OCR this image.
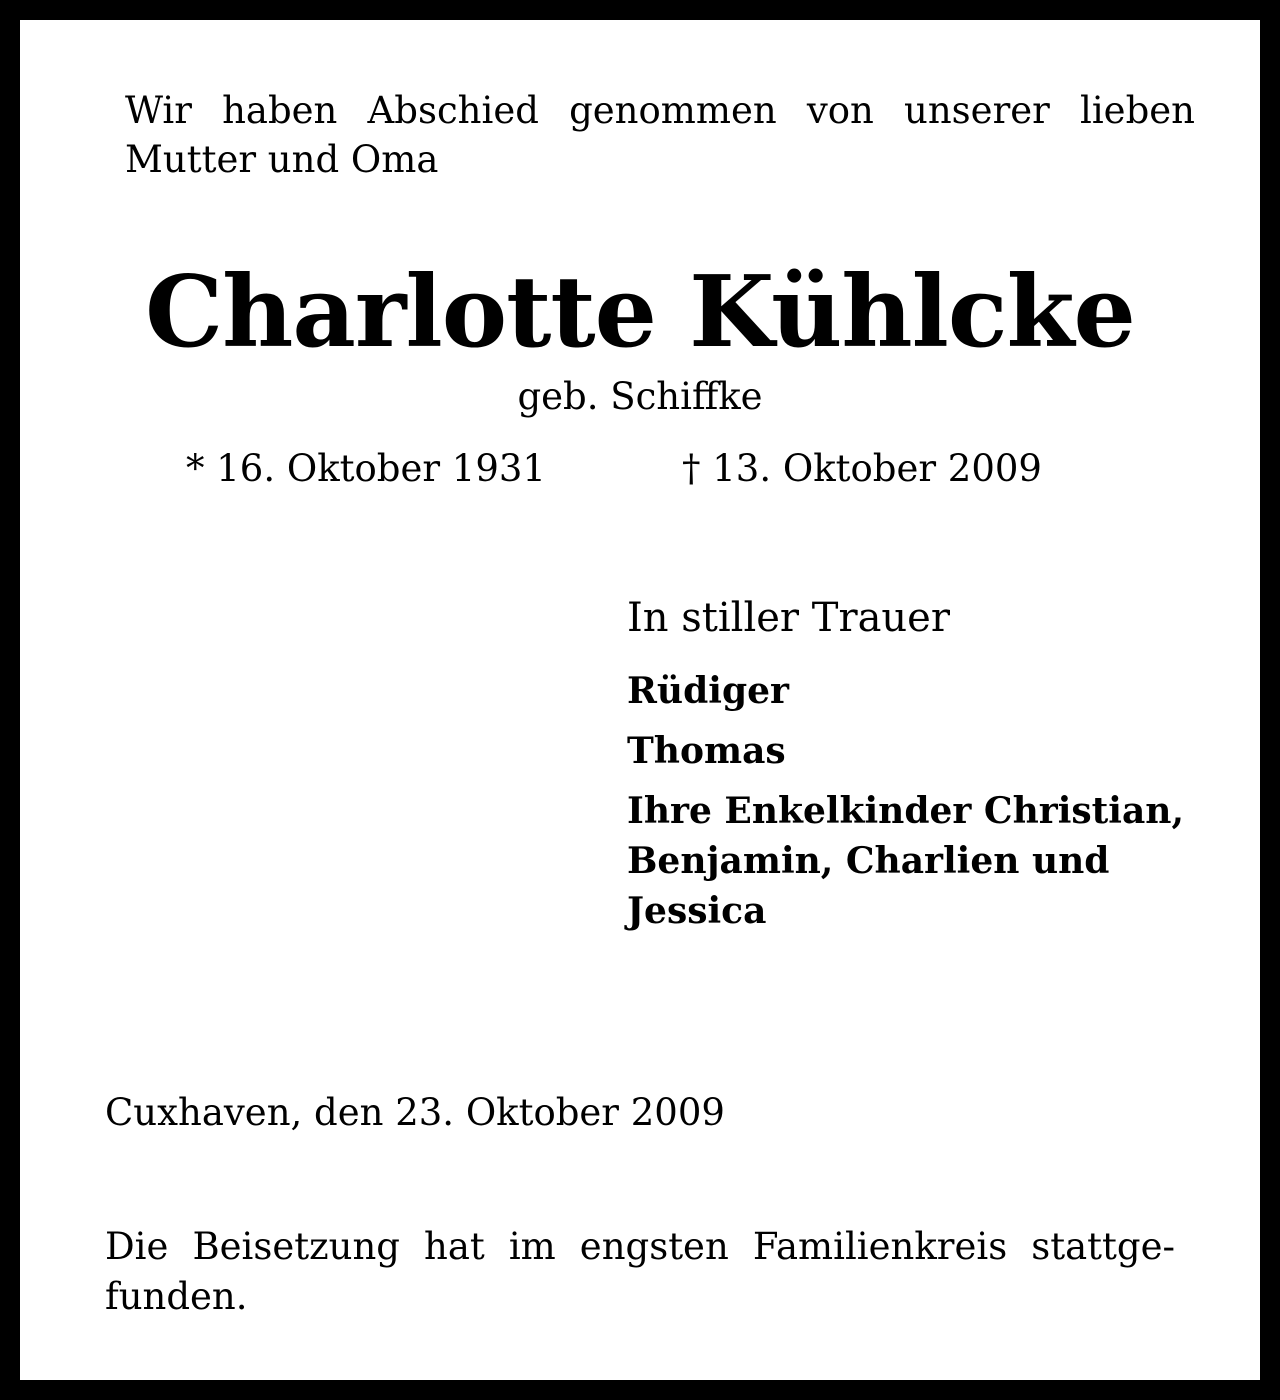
Wir haben Abschied genommen von unserer lieben
Mutter und Oma

Charlotte Kühlcke

geb. Schiffke

* 16. Oktober 1931	† 13. Oktober 2009
In stiller Trauer
Rüdiger
Thomas
Ihre Enkelkinder Christian,
Benjamin, Charlien und
Jessica
Cuxhaven, den 23. Oktober 2009
Die Beisetzung hat im engsten Familienkreis stattge-
funden.
